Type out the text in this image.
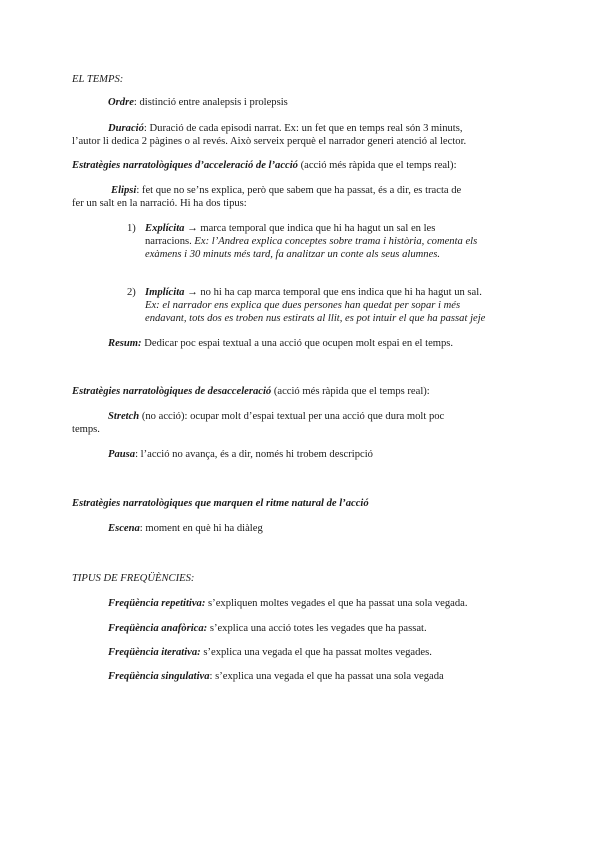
EL TEMPS:
Ordre: distinció entre analepsis i prolepsis
Duració: Duració de cada episodi narrat. Ex: un fet que en temps real són 3 minuts,
l’autor li dedica 2 pàgines o al revés. Això serveix perquè el narrador generi atenció al lector.
Estratègies narratològiques d’acceleració de l’acció (acció més ràpida que el temps real):
Elipsi: fet que no se’ns explica, però que sabem que ha passat, és a dir, es tracta de
fer un salt en la narració. Hi ha dos tipus:
1) Explícita → marca temporal que indica que hi ha hagut un sal en les
narracions. Ex: l’Andrea explica conceptes sobre trama i història, comenta els
exàmens i 30 minuts més tard, fa analitzar un conte als seus alumnes.
2) Implícita → no hi ha cap marca temporal que ens indica que hi ha hagut un sal.
Ex: el narrador ens explica que dues persones han quedat per sopar i més
endavant, tots dos es troben nus estirats al llit, es pot intuir el que ha passat jeje
Resum: Dedicar poc espai textual a una acció que ocupen molt espai en el temps.
Estratègies narratològiques de desacceleració (acció més ràpida que el temps real):
Stretch (no acció): ocupar molt d’espai textual per una acció que dura molt poc
temps.
Pausa: l’acció no avança, és a dir, només hi trobem descripció
Estratègies narratològiques que marquen el ritme natural de l’acció
Escena: moment en què hi ha diàleg
TIPUS DE FREQÜÈNCIES:
Freqüència repetitiva: s’expliquen moltes vegades el que ha passat una sola vegada.
Freqüència anafòrica: s’explica una acció totes les vegades que ha passat.
Freqüència iterativa: s’explica una vegada el que ha passat moltes vegades.
Freqüència singulativa: s’explica una vegada el que ha passat una sola vegada
